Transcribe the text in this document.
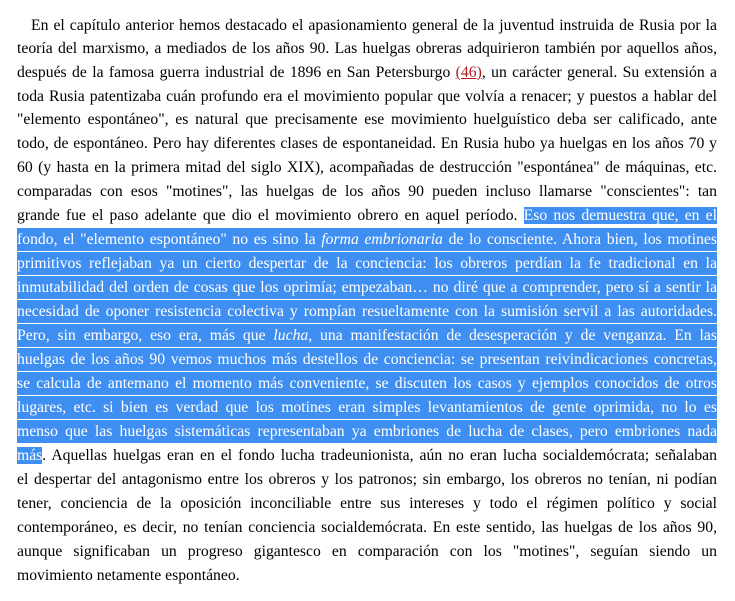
En el capítulo anterior hemos destacado el apasionamiento general de la juventud instruida de Rusia por la
teoría del marxismo, a mediados de los años 90. Las huelgas obreras adquirieron también por aquellos años,
después de la famosa guerra industrial de 1896 en San Petersburgo (46), un carácter general. Su extensión a
toda Rusia patentizaba cuán profundo era el movimiento popular que volvía a renacer; y puestos a hablar del
"elemento espontáneo", es natural que precisamente ese movimiento huelguístico deba ser calificado, ante
todo, de espontáneo. Pero hay diferentes clases de espontaneidad. En Rusia hubo ya huelgas en los años 70 y
60 (y hasta en la primera mitad del siglo XIX), acompañadas de destrucción "espontánea" de máquinas, etc.
comparadas con esos "motines", las huelgas de los años 90 pueden incluso llamarse "conscientes": tan
grande fue el paso adelante que dio el movimiento obrero en aquel período. Eso nos demuestra que, en el
fondo, el "elemento espontáneo" no es sino la forma embrionaria de lo consciente. Ahora bien, los motines
primitivos reflejaban ya un cierto despertar de la conciencia: los obreros perdían la fe tradicional en la
inmutabilidad del orden de cosas que los oprimía; empezaban… no diré que a comprender, pero sí a sentir la
necesidad de oponer resistencia colectiva y rompían resueltamente con la sumisión servil a las autoridades.
Pero, sin embargo, eso era, más que lucha, una manifestación de desesperación y de venganza. En las
huelgas de los años 90 vemos muchos más destellos de conciencia: se presentan reivindicaciones concretas,
se calcula de antemano el momento más conveniente, se discuten los casos y ejemplos conocidos de otros
lugares, etc. si bien es verdad que los motines eran simples levantamientos de gente oprimida, no lo es
menso que las huelgas sistemáticas representaban ya embriones de lucha de clases, pero embriones nada
más. Aquellas huelgas eran en el fondo lucha tradeunionista, aún no eran lucha socialdemócrata; señalaban
el despertar del antagonismo entre los obreros y los patronos; sin embargo, los obreros no tenían, ni podían
tener, conciencia de la oposición inconciliable entre sus intereses y todo el régimen político y social
contemporáneo, es decir, no tenían conciencia socialdemócrata. En este sentido, las huelgas de los años 90,
aunque significaban un progreso gigantesco en comparación con los "motines", seguían siendo un
movimiento netamente espontáneo.
